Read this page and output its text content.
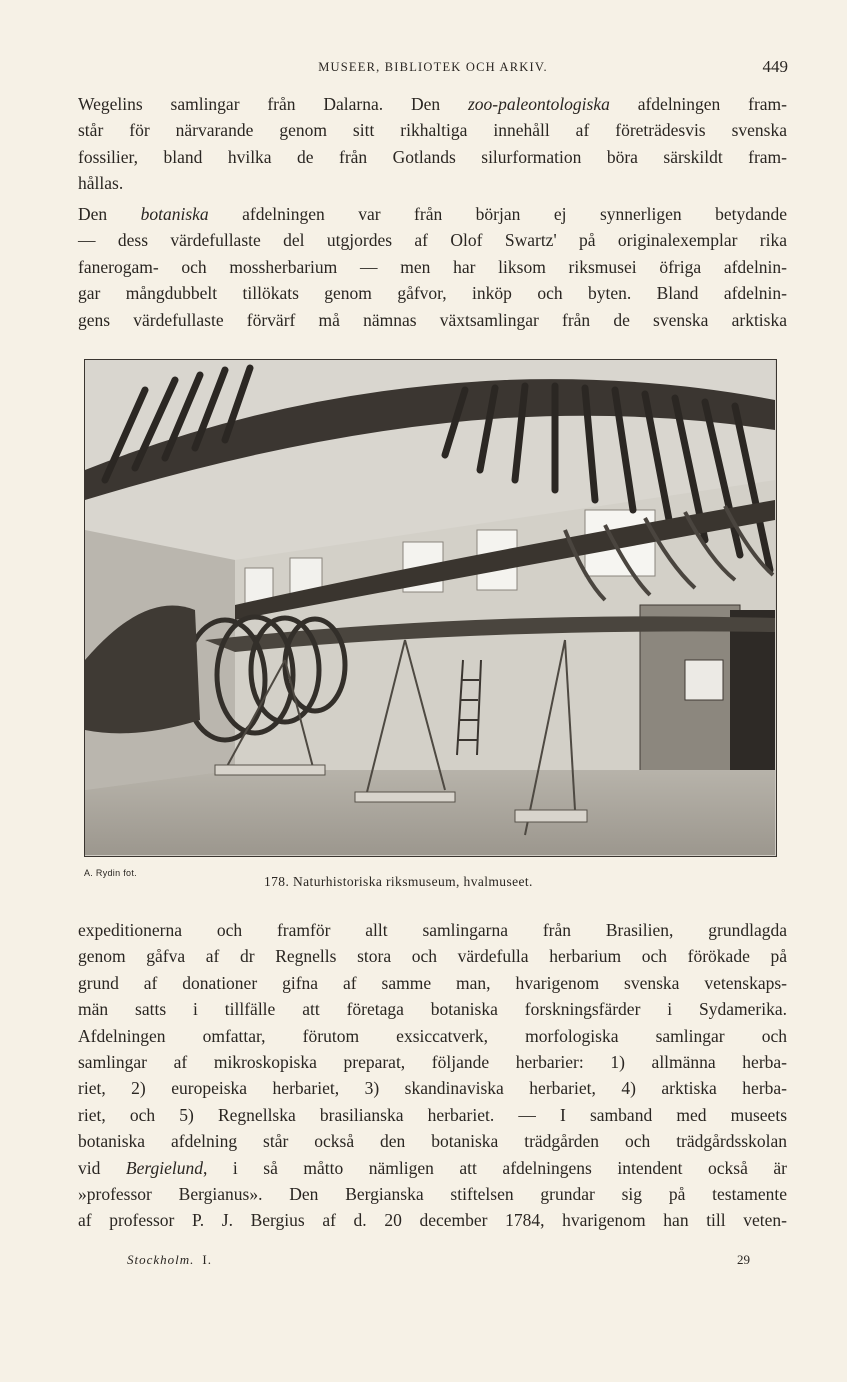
MUSEER, BIBLIOTEK OCH ARKIV.	449
Wegelins samlingar från Dalarna. Den zoo-paleontologiska afdelningen fram-
står för närvarande genom sitt rikhaltiga innehåll af företrädesvis svenska
fossilier, bland hvilka de från Gotlands silurformation böra särskildt fram-
hållas.
Den botaniska afdelningen var från början ej synnerligen betydande
— dess värdefullaste del utgjordes af Olof Swartz' på originalexemplar rika
fanerogam- och mossherbarium — men har liksom riksmusei öfriga afdelnin-
gar mångdubbelt tillökats genom gåfvor, inköp och byten. Bland afdelnin-
gens värdefullaste förvärf må nämnas växtsamlingar från de svenska arktiska
A. Rydin fot.
178. Naturhistoriska riksmuseum, hvalmuseet.
expeditionerna och framför allt samlingarna från Brasilien, grundlagda
genom gåfva af dr Regnells stora och värdefulla herbarium och förökade på
grund af donationer gifna af samme man, hvarigenom svenska vetenskaps-
män satts i tillfälle att företaga botaniska forskningsfärder i Sydamerika.
Afdelningen omfattar, förutom exsiccatverk, morfologiska samlingar och
samlingar af mikroskopiska preparat, följande herbarier: 1) allmänna herba-
riet, 2) europeiska herbariet, 3) skandinaviska herbariet, 4) arktiska herba-
riet, och 5) Regnellska brasilianska herbariet. — I samband med museets
botaniska afdelning står också den botaniska trädgården och trädgårdsskolan
vid Bergielund, i så måtto nämligen att afdelningens intendent också är
»professor Bergianus». Den Bergianska stiftelsen grundar sig på testamente
af professor P. J. Bergius af d. 20 december 1784, hvarigenom han till veten-
Stockholm. I.	29
